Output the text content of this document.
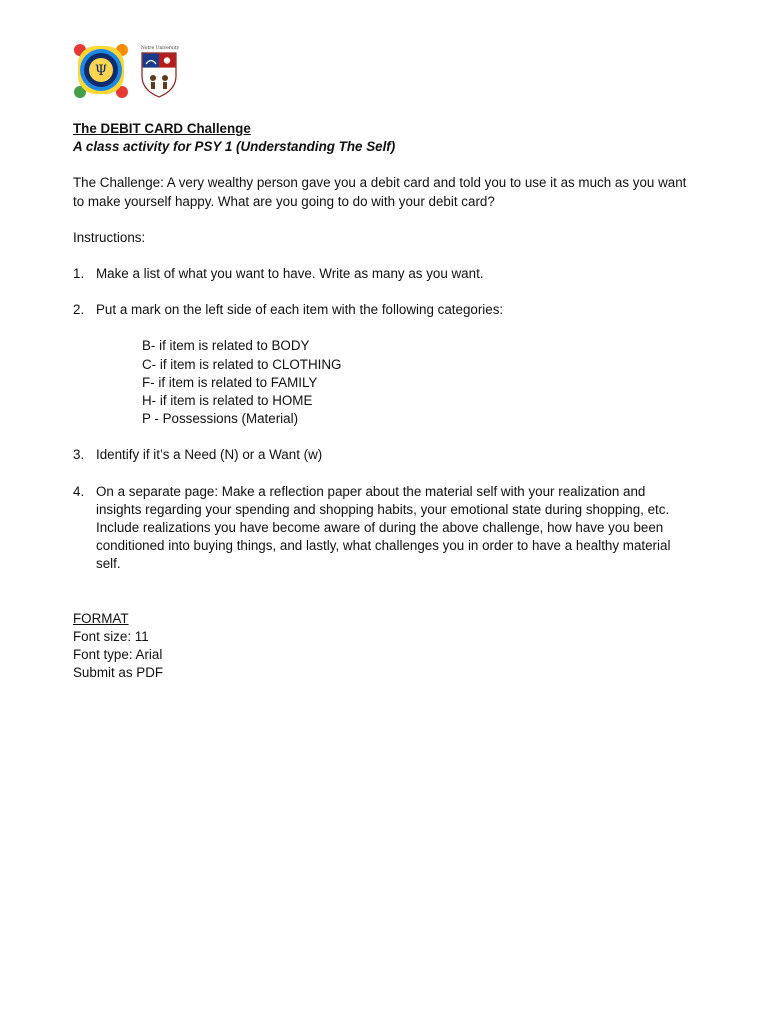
Ψ
Notre University

The DEBIT CARD Challenge

A class activity for PSY 1 (Understanding The Self)

The Challenge: A very wealthy person gave you a debit card and told you to use it as much as you want to make yourself happy. What are you going to do with your debit card?

Instructions:

1. Make a list of what you want to have. Write as many as you want.
2. Put a mark on the left side of each item with the following categories:
B- if item is related to BODY
C- if item is related to CLOTHING
F- if item is related to FAMILY
H- if item is related to HOME
P - Possessions (Material)
3. Identify if it’s a Need (N) or a Want (w)
4. On a separate page: Make a reflection paper about the material self with your realization and insights regarding your spending and shopping habits, your emotional state during shopping, etc. Include realizations you have become aware of during the above challenge, how have you been conditioned into buying things, and lastly, what challenges you in order to have a healthy material self.
FORMAT
Font size: 11
Font type: Arial
Submit as PDF
